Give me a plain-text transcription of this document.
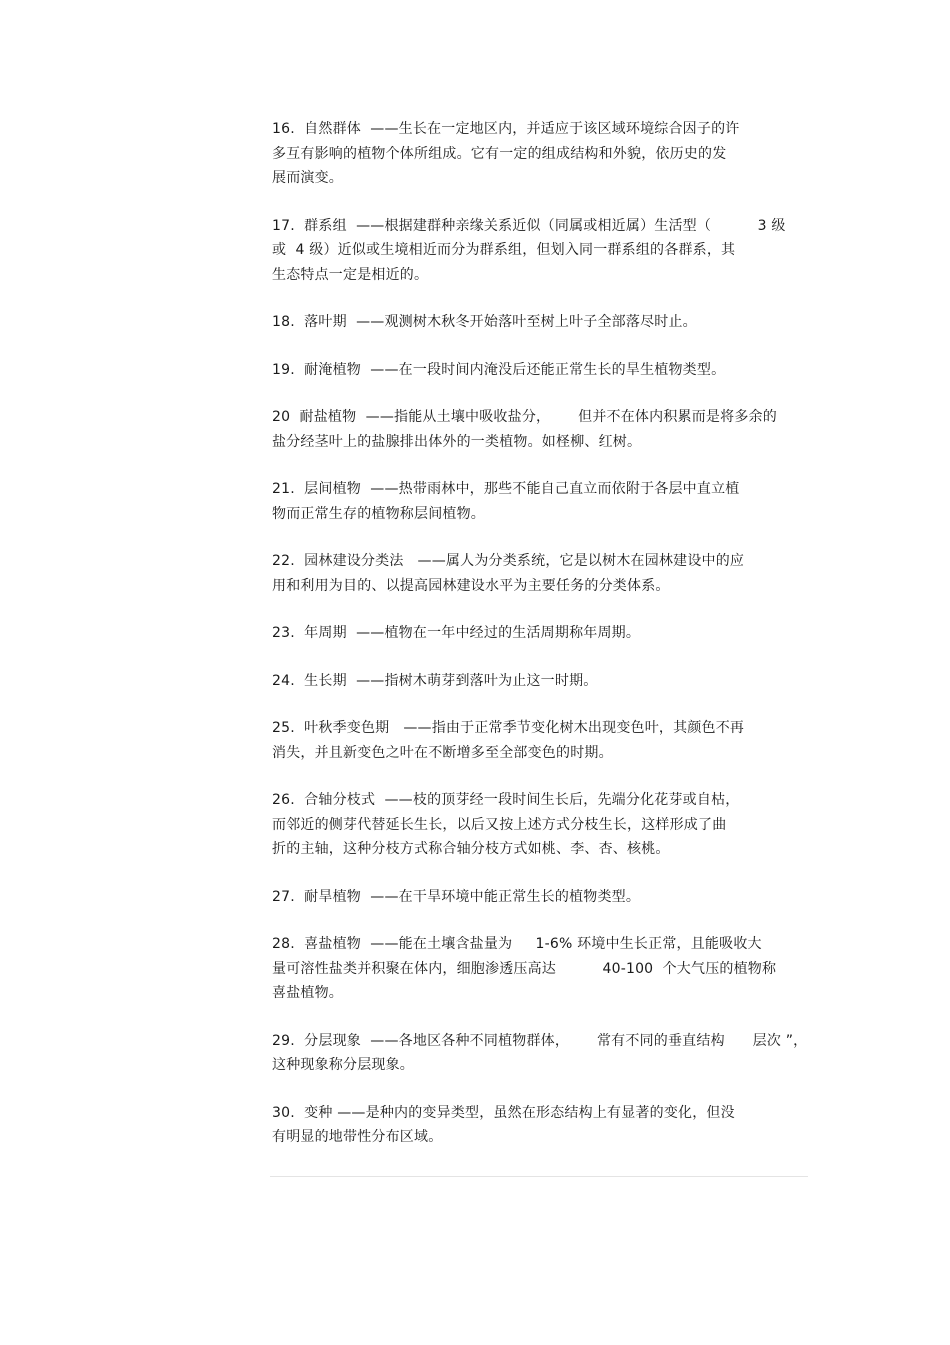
16.  自然群体  ——生长在一定地区内，并适应于该区域环境综合因子的许
多互有影响的植物个体所组成。它有一定的组成结构和外貌，依历史的发
展而演变。
17.  群系组  ——根据建群种亲缘关系近似（同属或相近属）生活型（          3 级
或  4 级）近似或生境相近而分为群系组，但划入同一群系组的各群系，其
生态特点一定是相近的。
18.  落叶期  ——观测树木秋冬开始落叶至树上叶子全部落尽时止。
19.  耐淹植物  ——在一段时间内淹没后还能正常生长的旱生植物类型。
20  耐盐植物  ——指能从土壤中吸收盐分，      但并不在体内积累而是将多余的
盐分经茎叶上的盐腺排出体外的一类植物。如柽柳、红树。
21.  层间植物  ——热带雨林中，那些不能自己直立而依附于各层中直立植
物而正常生存的植物称层间植物。
22.  园林建设分类法   ——属人为分类系统，它是以树木在园林建设中的应
用和利用为目的、以提高园林建设水平为主要任务的分类体系。
23.  年周期  ——植物在一年中经过的生活周期称年周期。
24.  生长期  ——指树木萌芽到落叶为止这一时期。
25.  叶秋季变色期   ——指由于正常季节变化树木出现变色叶，其颜色不再
消失，并且新变色之叶在不断增多至全部变色的时期。
26.  合轴分枝式  ——枝的顶芽经一段时间生长后，先端分化花芽或自枯，
而邻近的侧芽代替延长生长，以后又按上述方式分枝生长，这样形成了曲
折的主轴，这种分枝方式称合轴分枝方式如桃、李、杏、核桃。
27.  耐旱植物  ——在干旱环境中能正常生长的植物类型。
28.  喜盐植物  ——能在土壤含盐量为     1-6% 环境中生长正常，且能吸收大
量可溶性盐类并积聚在体内，细胞渗透压高达          40-100  个大气压的植物称
喜盐植物。
29.  分层现象  ——各地区各种不同植物群体，      常有不同的垂直结构      层次 ”，
这种现象称分层现象。
30.  变种 ——是种内的变异类型，虽然在形态结构上有显著的变化，但没
有明显的地带性分布区域。
